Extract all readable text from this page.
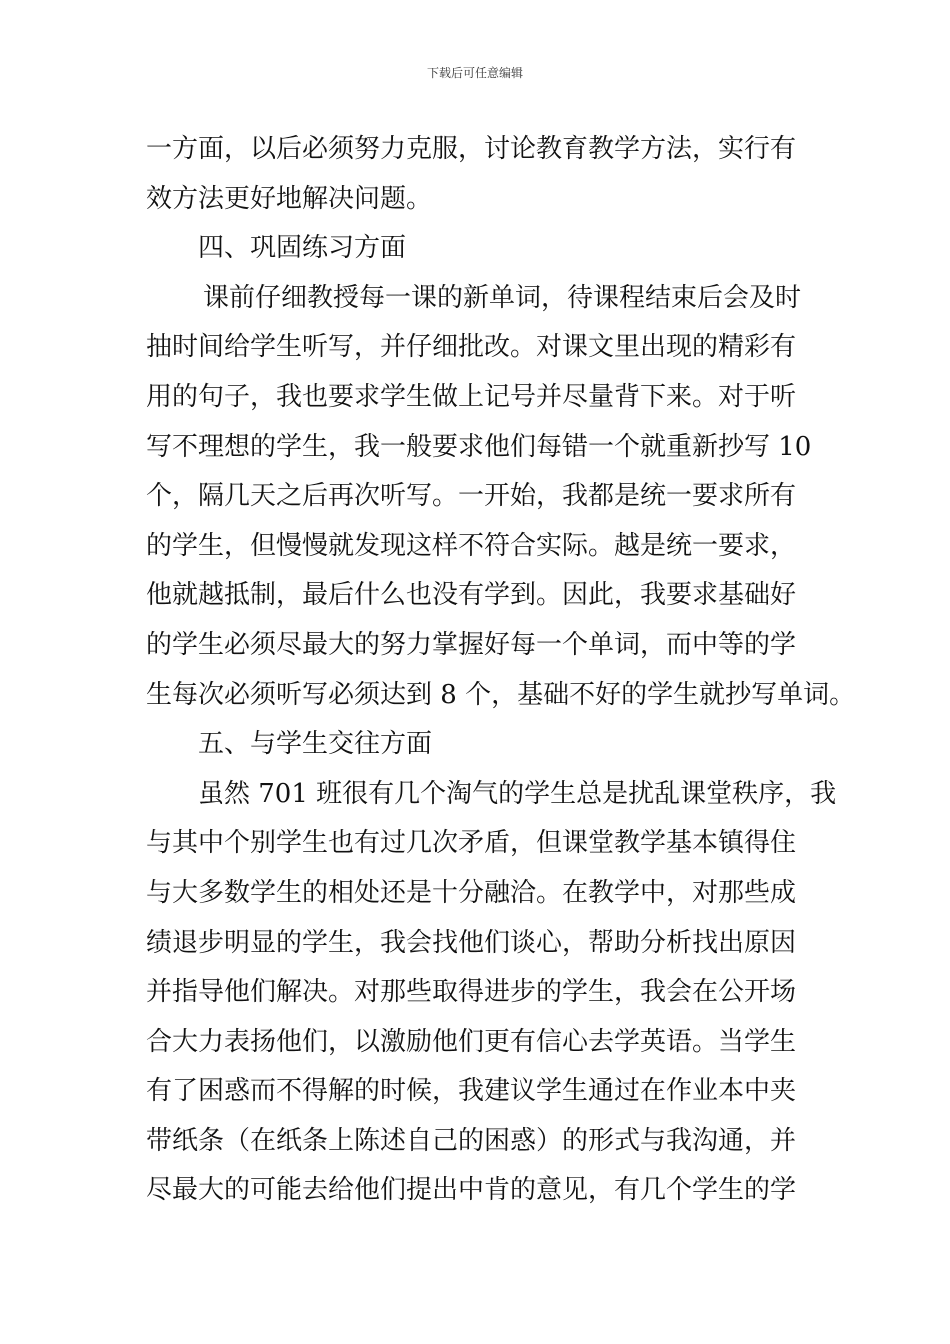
下载后可任意编辑
一方面，以后必须努力克服，讨论教育教学方法，实行有
效方法更好地解决问题。
四、巩固练习方面
课前仔细教授每一课的新单词，待课程结束后会及时
抽时间给学生听写，并仔细批改。对课文里出现的精彩有
用的句子，我也要求学生做上记号并尽量背下来。对于听
写不理想的学生，我一般要求他们每错一个就重新抄写 10
个，隔几天之后再次听写。一开始，我都是统一要求所有
的学生，但慢慢就发现这样不符合实际。越是统一要求，
他就越抵制，最后什么也没有学到。因此，我要求基础好
的学生必须尽最大的努力掌握好每一个单词，而中等的学
生每次必须听写必须达到 8 个，基础不好的学生就抄写单词。
五、与学生交往方面
虽然 701 班很有几个淘气的学生总是扰乱课堂秩序，我
与其中个别学生也有过几次矛盾，但课堂教学基本镇得住
与大多数学生的相处还是十分融洽。在教学中，对那些成
绩退步明显的学生，我会找他们谈心，帮助分析找出原因
并指导他们解决。对那些取得进步的学生，我会在公开场
合大力表扬他们，以激励他们更有信心去学英语。当学生
有了困惑而不得解的时候，我建议学生通过在作业本中夹
带纸条（在纸条上陈述自己的困惑）的形式与我沟通，并
尽最大的可能去给他们提出中肯的意见，有几个学生的学
